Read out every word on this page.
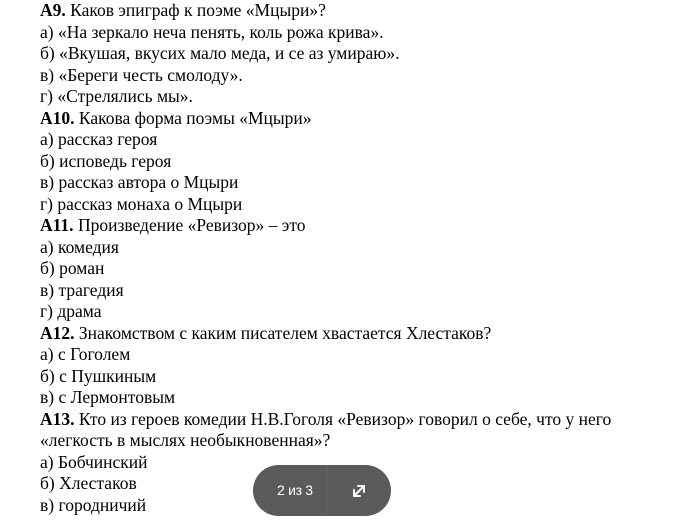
А9. Каков эпиграф к поэме «Мцыри»?
а) «На зеркало неча пенять, коль рожа крива».
б) «Вкушая, вкусих мало меда, и се аз умираю».
в) «Береги честь смолоду».
г) «Стрелялись мы».
А10. Какова форма поэмы «Мцыри»
а) рассказ героя
б) исповедь героя
в) рассказ автора о Мцыри
г) рассказ монаха о Мцыри
А11. Произведение «Ревизор» – это
а) комедия
б) роман
в) трагедия
г) драма
А12. Знакомством с каким писателем хвастается Хлестаков?
а) с Гоголем
б) с Пушкиным
в) с Лермонтовым
А13. Кто из героев комедии Н.В.Гоголя «Ревизор» говорил о себе, что у него
«легкость в мыслях необыкновенная»?
а) Бобчинский
б) Хлестаков
в) городничий
2 из 3
